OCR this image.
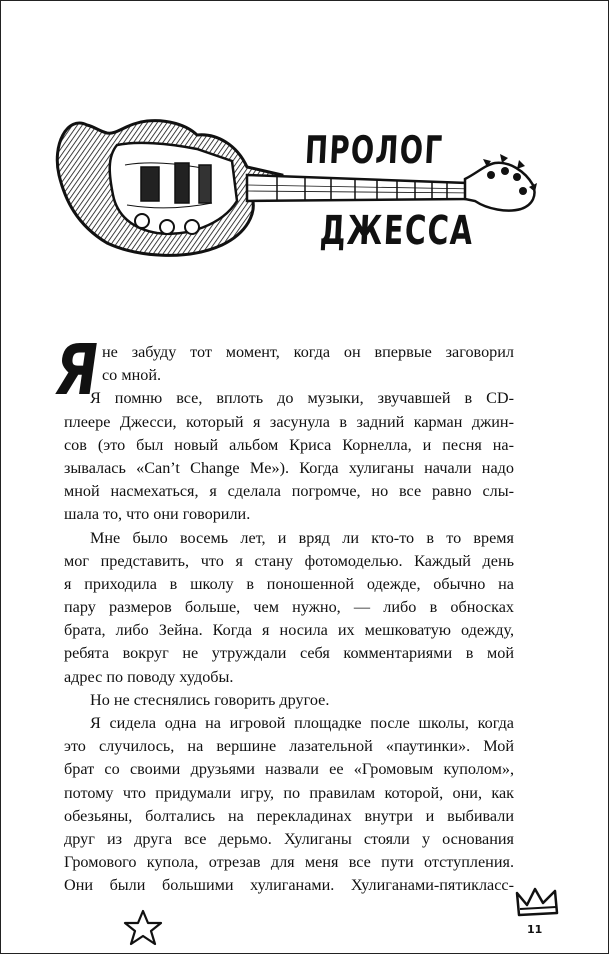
ПРОЛОГ
ДЖЕССА
Я
не забуду тот момент, когда он впервые заговорил
со мной.
Я помню все, вплоть до музыки, звучавшей в CD-
плеере Джесси, который я засунула в задний карман джин-
сов (это был новый альбом Криса Корнелла, и песня на-
зывалась «Can’t Change Me»). Когда хулиганы начали надо
мной насмехаться, я сделала погромче, но все равно слы-
шала то, что они говорили.
Мне было восемь лет, и вряд ли кто-то в то время
мог представить, что я стану фотомоделью. Каждый день
я приходила в школу в поношенной одежде, обычно на
пару размеров больше, чем нужно, — либо в обносках
брата, либо Зейна. Когда я носила их мешковатую одежду,
ребята вокруг не утруждали себя комментариями в мой
адрес по поводу худобы.
Но не стеснялись говорить другое.
Я сидела одна на игровой площадке после школы, когда
это случилось, на вершине лазательной «паутинки». Мой
брат со своими друзьями назвали ее «Громовым куполом»,
потому что придумали игру, по правилам которой, они, как
обезьяны, болтались на перекладинах внутри и выбивали
друг из друга все дерьмо. Хулиганы стояли у основания
Громового купола, отрезав для меня все пути отступления.
Они были большими хулиганами. Хулиганами-пятикласс-
11
